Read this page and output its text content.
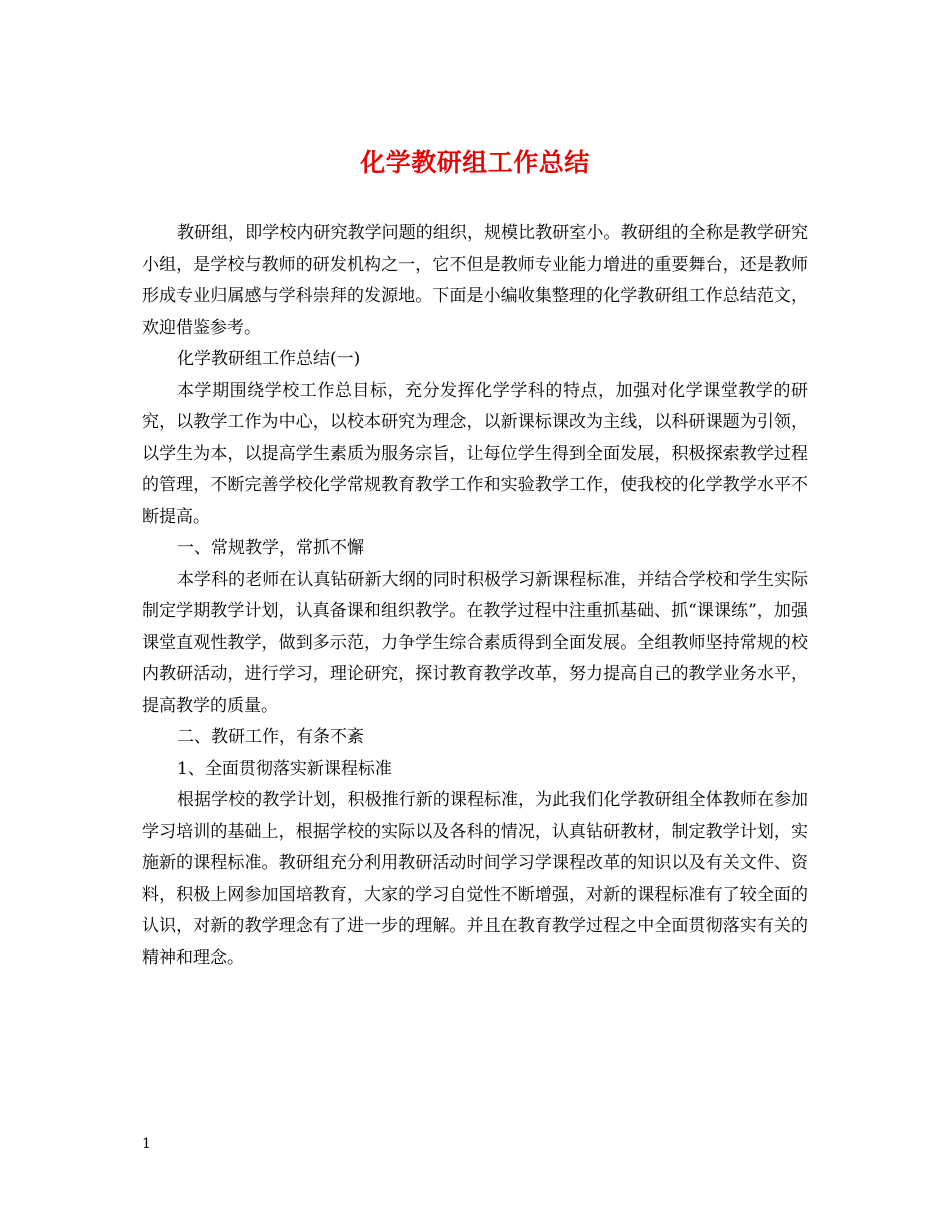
化学教研组工作总结

教研组，即学校内研究教学问题的组织，规模比教研室小。教研组的全称是教学研究小组，是学校与教师的研发机构之一，它不但是教师专业能力增进的重要舞台，还是教师形成专业归属感与学科崇拜的发源地。下面是小编收集整理的化学教研组工作总结范文，欢迎借鉴参考。

化学教研组工作总结(一)

本学期围绕学校工作总目标，充分发挥化学学科的特点，加强对化学课堂教学的研究，以教学工作为中心，以校本研究为理念，以新课标课改为主线，以科研课题为引领，以学生为本，以提高学生素质为服务宗旨，让每位学生得到全面发展，积极探索教学过程的管理，不断完善学校化学常规教育教学工作和实验教学工作，使我校的化学教学水平不断提高。

一、常规教学，常抓不懈

本学科的老师在认真钻研新大纲的同时积极学习新课程标准，并结合学校和学生实际制定学期教学计划，认真备课和组织教学。在教学过程中注重抓基础、抓“课课练”，加强课堂直观性教学，做到多示范，力争学生综合素质得到全面发展。全组教师坚持常规的校内教研活动，进行学习，理论研究，探讨教育教学改革，努力提高自己的教学业务水平，提高教学的质量。

二、教研工作，有条不紊

1、全面贯彻落实新课程标准

根据学校的教学计划，积极推行新的课程标准，为此我们化学教研组全体教师在参加学习培训的基础上，根据学校的实际以及各科的情况，认真钻研教材，制定教学计划，实施新的课程标准。教研组充分利用教研活动时间学习学课程改革的知识以及有关文件、资料，积极上网参加国培教育，大家的学习自觉性不断增强，对新的课程标准有了较全面的认识，对新的教学理念有了进一步的理解。并且在教育教学过程之中全面贯彻落实有关的精神和理念。

1
